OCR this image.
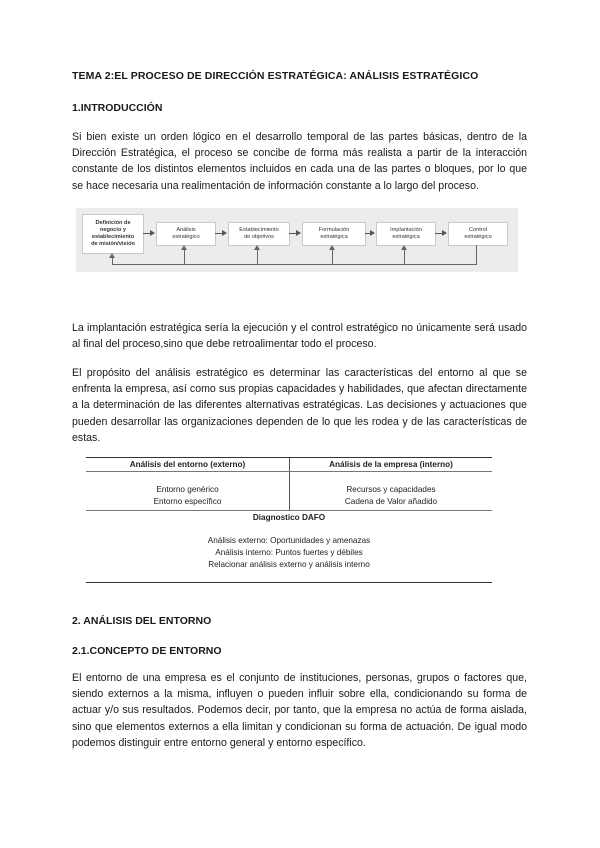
TEMA 2:EL PROCESO DE DIRECCIÓN ESTRATÉGICA: ANÁLISIS ESTRATÉGICO
1.INTRODUCCIÓN
Si bien existe un orden lógico en el desarrollo temporal de las partes básicas, dentro de la Dirección Estratégica, el proceso se concibe de forma más realista a partir de la interacción constante de los distintos elementos incluidos en cada una de las partes o bloques, por lo que se hace necesaria una realimentación de información constante a lo largo del proceso.
Definición de
negocio y
establecimiento
de misión/visión
Análisis
estratégico
Establecimiento
de objetivos
Formulación
estratégica
Implantación
estratégica
Control
estratégico
La implantación estratégica sería la ejecución y el control estratégico no únicamente será usado al final del proceso,sino que debe retroalimentar todo el proceso.
El propósito del análisis estratégico es determinar las características del entorno al que se enfrenta la empresa, así como sus propias capacidades y habilidades, que afectan directamente a la determinación de las diferentes alternativas estratégicas. Las decisiones y actuaciones que pueden desarrollar las organizaciones dependen de lo que les rodea y de las características de estas.
Análisis del entorno (externo)	Análisis de la empresa (interno)
Entorno genérico
Entorno específico
Recursos y capacidades
Cadena de Valor añadido
Diagnostico DAFO
Análisis externo: Oportunidades y amenazas
Análisis interno: Puntos fuertes y débiles
Relacionar análisis externo y análisis interno
2. ANÁLISIS DEL ENTORNO
2.1.CONCEPTO DE ENTORNO
El entorno de una empresa es el conjunto de instituciones, personas, grupos o factores que, siendo externos a la misma, influyen o pueden influir sobre ella, condicionando su forma de actuar y/o sus resultados. Podemos decir, por tanto, que la empresa no actúa de forma aislada, sino que elementos externos a ella limitan y condicionan su forma de actuación. De igual modo podemos distinguir entre entorno general y entorno específico.
